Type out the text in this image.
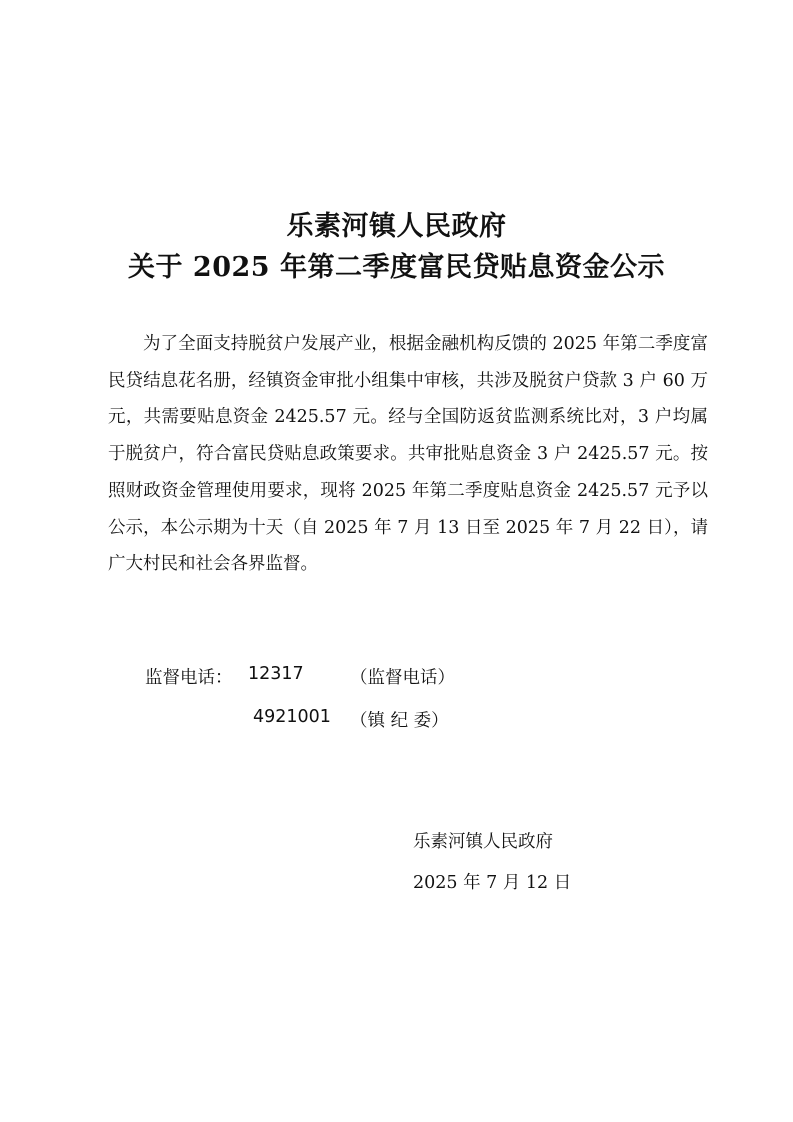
乐素河镇人民政府
关于 2025 年第二季度富民贷贴息资金公示

为了全面支持脱贫户发展产业，根据金融机构反馈的 2025 年第二季度富民贷结息花名册，经镇资金审批小组集中审核，共涉及脱贫户贷款 3 户 60 万元，共需要贴息资金 2425.57 元。经与全国防返贫监测系统比对，3 户均属于脱贫户，符合富民贷贴息政策要求。共审批贴息资金 3 户 2425.57 元。按照财政资金管理使用要求，现将 2025 年第二季度贴息资金 2425.57 元予以公示，本公示期为十天（自 2025 年 7 月 13 日至 2025 年 7 月 22 日），请广大村民和社会各界监督。

监督电话： 12317	（监督电话）
4921001 （镇 纪 委）
乐素河镇人民政府
2025 年 7 月 12 日
